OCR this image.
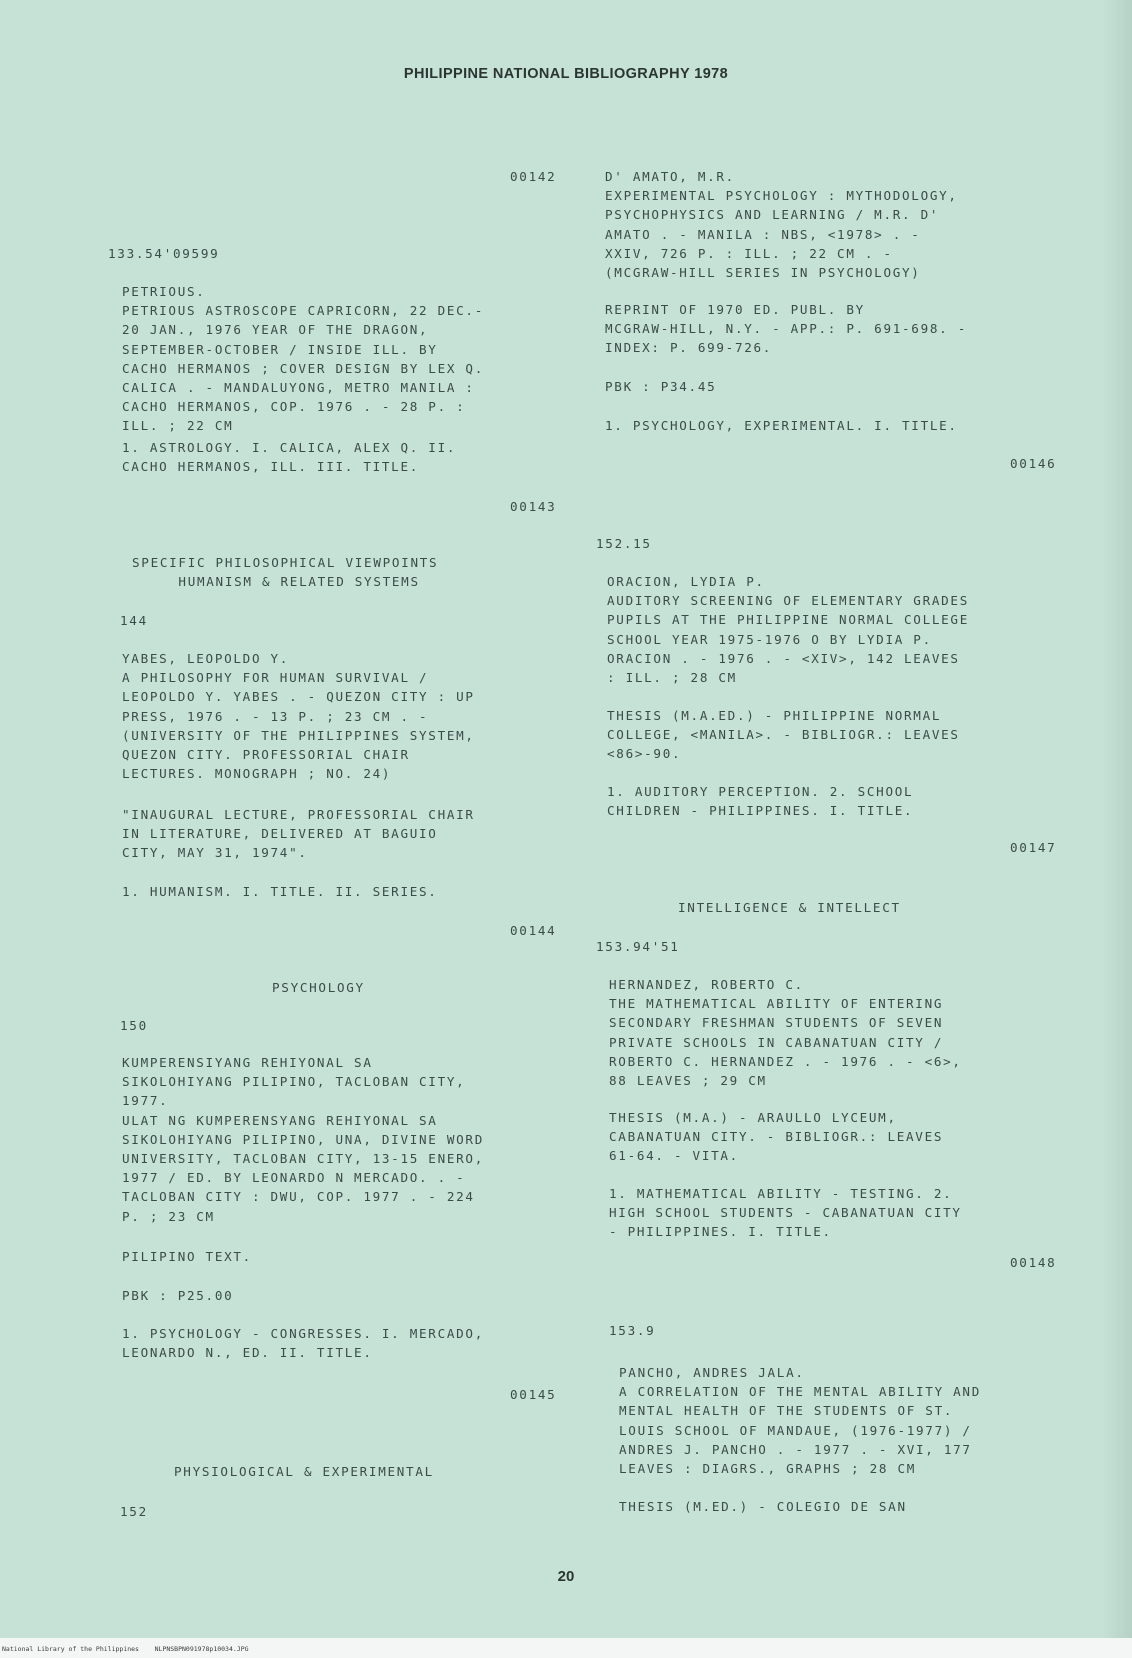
PHILIPPINE NATIONAL BIBLIOGRAPHY 1978
00142
133.54'09599
PETRIOUS.
PETRIOUS ASTROSCOPE CAPRICORN, 22 DEC.-
20 JAN., 1976 YEAR OF THE DRAGON,
SEPTEMBER-OCTOBER / INSIDE ILL. BY
CACHO HERMANOS ; COVER DESIGN BY LEX Q.
CALICA . - MANDALUYONG, METRO MANILA :
CACHO HERMANOS, COP. 1976 . - 28 P. :
ILL. ; 22 CM
1. ASTROLOGY. I. CALICA, ALEX Q. II.
CACHO HERMANOS, ILL. III. TITLE.
00143
SPECIFIC PHILOSOPHICAL VIEWPOINTS
HUMANISM & RELATED SYSTEMS
144
YABES, LEOPOLDO Y.
A PHILOSOPHY FOR HUMAN SURVIVAL /
LEOPOLDO Y. YABES . - QUEZON CITY : UP
PRESS, 1976 . - 13 P. ; 23 CM . -
(UNIVERSITY OF THE PHILIPPINES SYSTEM,
QUEZON CITY. PROFESSORIAL CHAIR
LECTURES. MONOGRAPH ; NO. 24)
"INAUGURAL LECTURE, PROFESSORIAL CHAIR
IN LITERATURE, DELIVERED AT BAGUIO
CITY, MAY 31, 1974".
1. HUMANISM. I. TITLE. II. SERIES.
00144
PSYCHOLOGY
150
KUMPERENSIYANG REHIYONAL SA
SIKOLOHIYANG PILIPINO, TACLOBAN CITY,
1977.
ULAT NG KUMPERENSYANG REHIYONAL SA
SIKOLOHIYANG PILIPINO, UNA, DIVINE WORD
UNIVERSITY, TACLOBAN CITY, 13-15 ENERO,
1977 / ED. BY LEONARDO N MERCADO. . -
TACLOBAN CITY : DWU, COP. 1977 . - 224
P. ; 23 CM
PILIPINO TEXT.
PBK : P25.00
1. PSYCHOLOGY - CONGRESSES. I. MERCADO,
LEONARDO N., ED. II. TITLE.
00145
PHYSIOLOGICAL & EXPERIMENTAL
152
D' AMATO, M.R.
EXPERIMENTAL PSYCHOLOGY : MYTHODOLOGY,
PSYCHOPHYSICS AND LEARNING / M.R. D'
AMATO . - MANILA : NBS, <1978> . -
XXIV, 726 P. : ILL. ; 22 CM . -
(MCGRAW-HILL SERIES IN PSYCHOLOGY)
REPRINT OF 1970 ED. PUBL. BY
MCGRAW-HILL, N.Y. - APP.: P. 691-698. -
INDEX: P. 699-726.
PBK : P34.45
1. PSYCHOLOGY, EXPERIMENTAL. I. TITLE.
00146
152.15
ORACION, LYDIA P.
AUDITORY SCREENING OF ELEMENTARY GRADES
PUPILS AT THE PHILIPPINE NORMAL COLLEGE
SCHOOL YEAR 1975-1976 O BY LYDIA P.
ORACION . - 1976 . - <XIV>, 142 LEAVES
: ILL. ; 28 CM
THESIS (M.A.ED.) - PHILIPPINE NORMAL
COLLEGE, <MANILA>. - BIBLIOGR.: LEAVES
<86>-90.
1. AUDITORY PERCEPTION. 2. SCHOOL
CHILDREN - PHILIPPINES. I. TITLE.
00147
INTELLIGENCE & INTELLECT
153.94'51
HERNANDEZ, ROBERTO C.
THE MATHEMATICAL ABILITY OF ENTERING
SECONDARY FRESHMAN STUDENTS OF SEVEN
PRIVATE SCHOOLS IN CABANATUAN CITY /
ROBERTO C. HERNANDEZ . - 1976 . - <6>,
88 LEAVES ; 29 CM
THESIS (M.A.) - ARAULLO LYCEUM,
CABANATUAN CITY. - BIBLIOGR.: LEAVES
61-64. - VITA.
1. MATHEMATICAL ABILITY - TESTING. 2.
HIGH SCHOOL STUDENTS - CABANATUAN CITY
- PHILIPPINES. I. TITLE.
00148
153.9
PANCHO, ANDRES JALA.
A CORRELATION OF THE MENTAL ABILITY AND
MENTAL HEALTH OF THE STUDENTS OF ST.
LOUIS SCHOOL OF MANDAUE, (1976-1977) /
ANDRES J. PANCHO . - 1977 . - XVI, 177
LEAVES : DIAGRS., GRAPHS ; 28 CM
THESIS (M.ED.) - COLEGIO DE SAN
20
National Library of the Philippines    NLPNSBPN091978p10034.JPG
